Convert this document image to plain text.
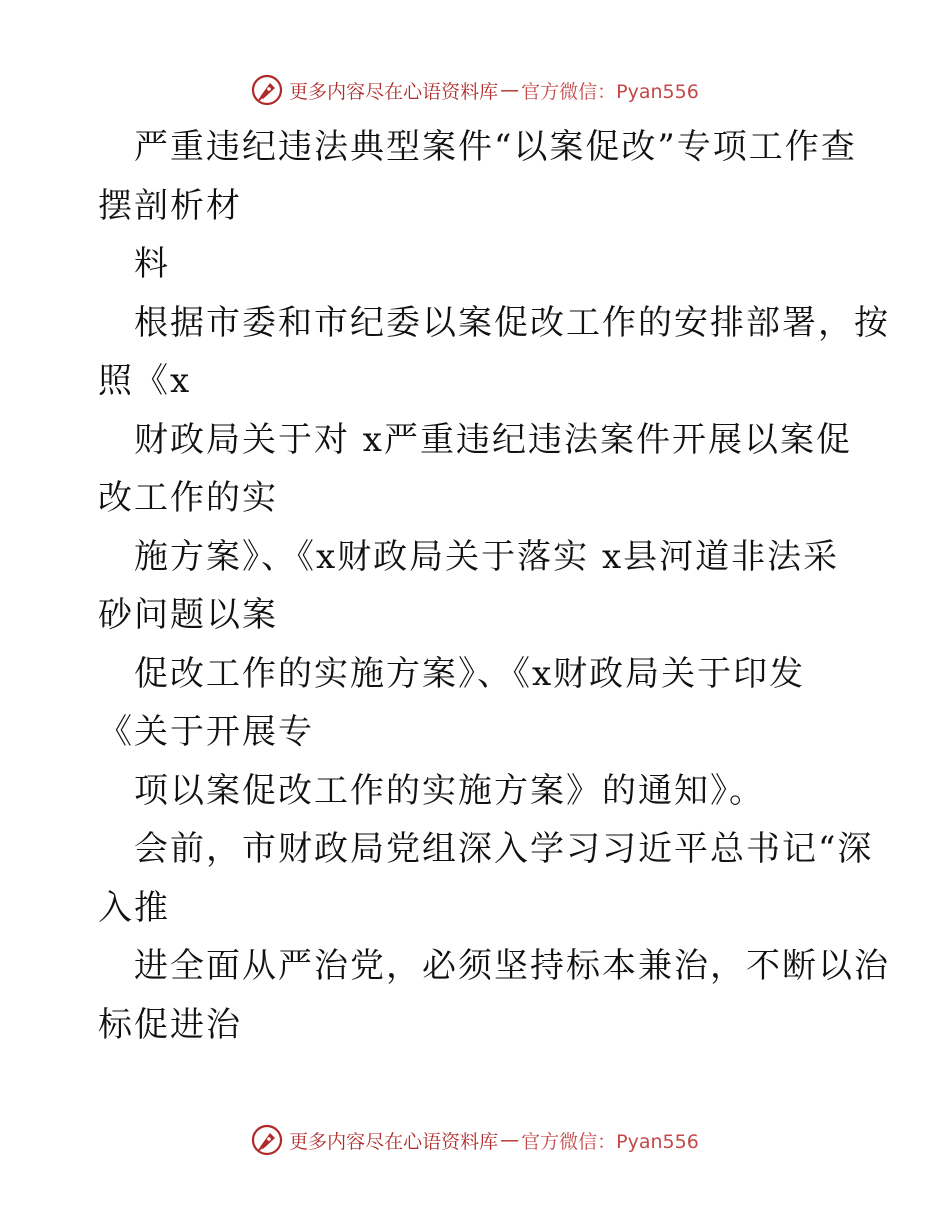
更多内容尽在心语资料库 — 官方微信：Pyan556
严重违纪违法典型案件“以案促改”专项工作查
摆剖析材
料
根据市委和市纪委以案促改工作的安排部署，按
照《x
财政局关于对 x严重违纪违法案件开展以案促
改工作的实
施方案》、《x财政局关于落实 x县河道非法采
砂问题以案
促改工作的实施方案》、《x财政局关于印发
《关于开展专
项以案促改工作的实施方案》的通知》。
会前，市财政局党组深入学习习近平总书记“深
入推
进全面从严治党，必须坚持标本兼治，不断以治
标促进治
更多内容尽在心语资料库 — 官方微信：Pyan556
